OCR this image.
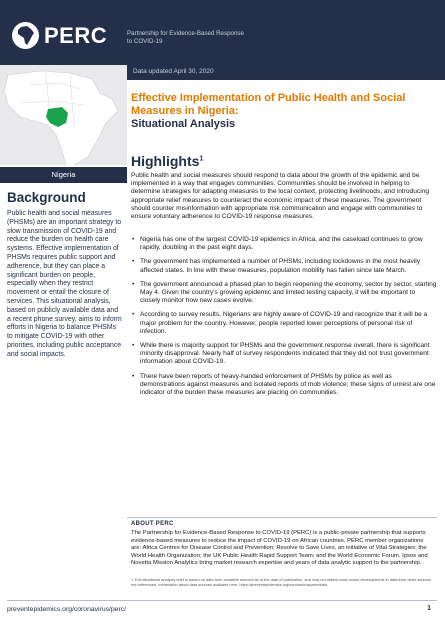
PERC	Partnership for Evidence-Based Response to COVID-19
Data updated April 30, 2020
Nigeria
Background
Public health and social measures (PHSMs) are an important strategy to slow transmission of COVID-19 and reduce the burden on health care systems. Effective implementation of PHSMs requires public support and adherence, but they can place a significant burden on people, especially when they restrict movement or entail the closure of services. This situational analysis, based on publicly available data and a recent phone survey, aims to inform efforts in Nigeria to balance PHSMs to mitigate COVID-19 with other priorities, including public acceptance and social impacts.
Effective Implementation of Public Health and Social Measures in Nigeria:
Situational Analysis
Highlights$^1$
Public health and social measures should respond to data about the growth of the epidemic and be implemented in a way that engages communities. Communities should be involved in helping to determine strategies for adapting measures to the local context, protecting livelihoods, and introducing appropriate relief measures to counteract the economic impact of these measures. The government should counter misinformation with appropriate risk communication and engage with communities to ensure voluntary adherence to COVID-19 response measures.
• Nigeria has one of the largest COVID-19 epidemics in Africa, and the caseload continues to grow rapidly, doubling in the past eight days.
• The government has implemented a number of PHSMs, including lockdowns in the most heavily affected states. In line with these measures, population mobility has fallen since late March.
• The government announced a phased plan to begin reopening the economy, sector by sector, starting May 4. Given the country's growing epidemic and limited testing capacity, it will be important to closely monitor how new cases evolve.
• According to survey results, Nigerians are highly aware of COVID-19 and recognize that it will be a major problem for the country. However, people reported lower perceptions of personal risk of infection.
• While there is majority support for PHSMs and the government response overall, there is significant minority disapproval. Nearly half of survey respondents indicated that they did not trust government information about COVID-19.
• There have been reports of heavy-handed enforcement of PHSMs by police as well as demonstrations against measures and isolated reports of mob violence; these signs of unrest are one indicator of the burden these measures are placing on communities.
ABOUT PERC
The Partnership for Evidence-Based Response to COVID-19 (PERC) is a public-private partnership that supports evidence-based measures to reduce the impact of COVID-19 on African countries. PERC member organizations are: Africa Centres for Disease Control and Prevention; Resolve to Save Lives, an initiative of Vital Strategies; the World Health Organization; the UK Public Health Rapid Support Team; and the World Economic Forum. Ipsos and Novetta Mission Analytics bring market research expertise and years of data analytic support to the partnership.
1 This situational analysis brief is based on data from available sources as of the date of publication, and may not reflect more recent developments in data from other sources not referenced. Information about data sources available here: https://preventepidemics.org/coronavirus/perc/data.
preventepidemics.org/coronavirus/perc/	1
